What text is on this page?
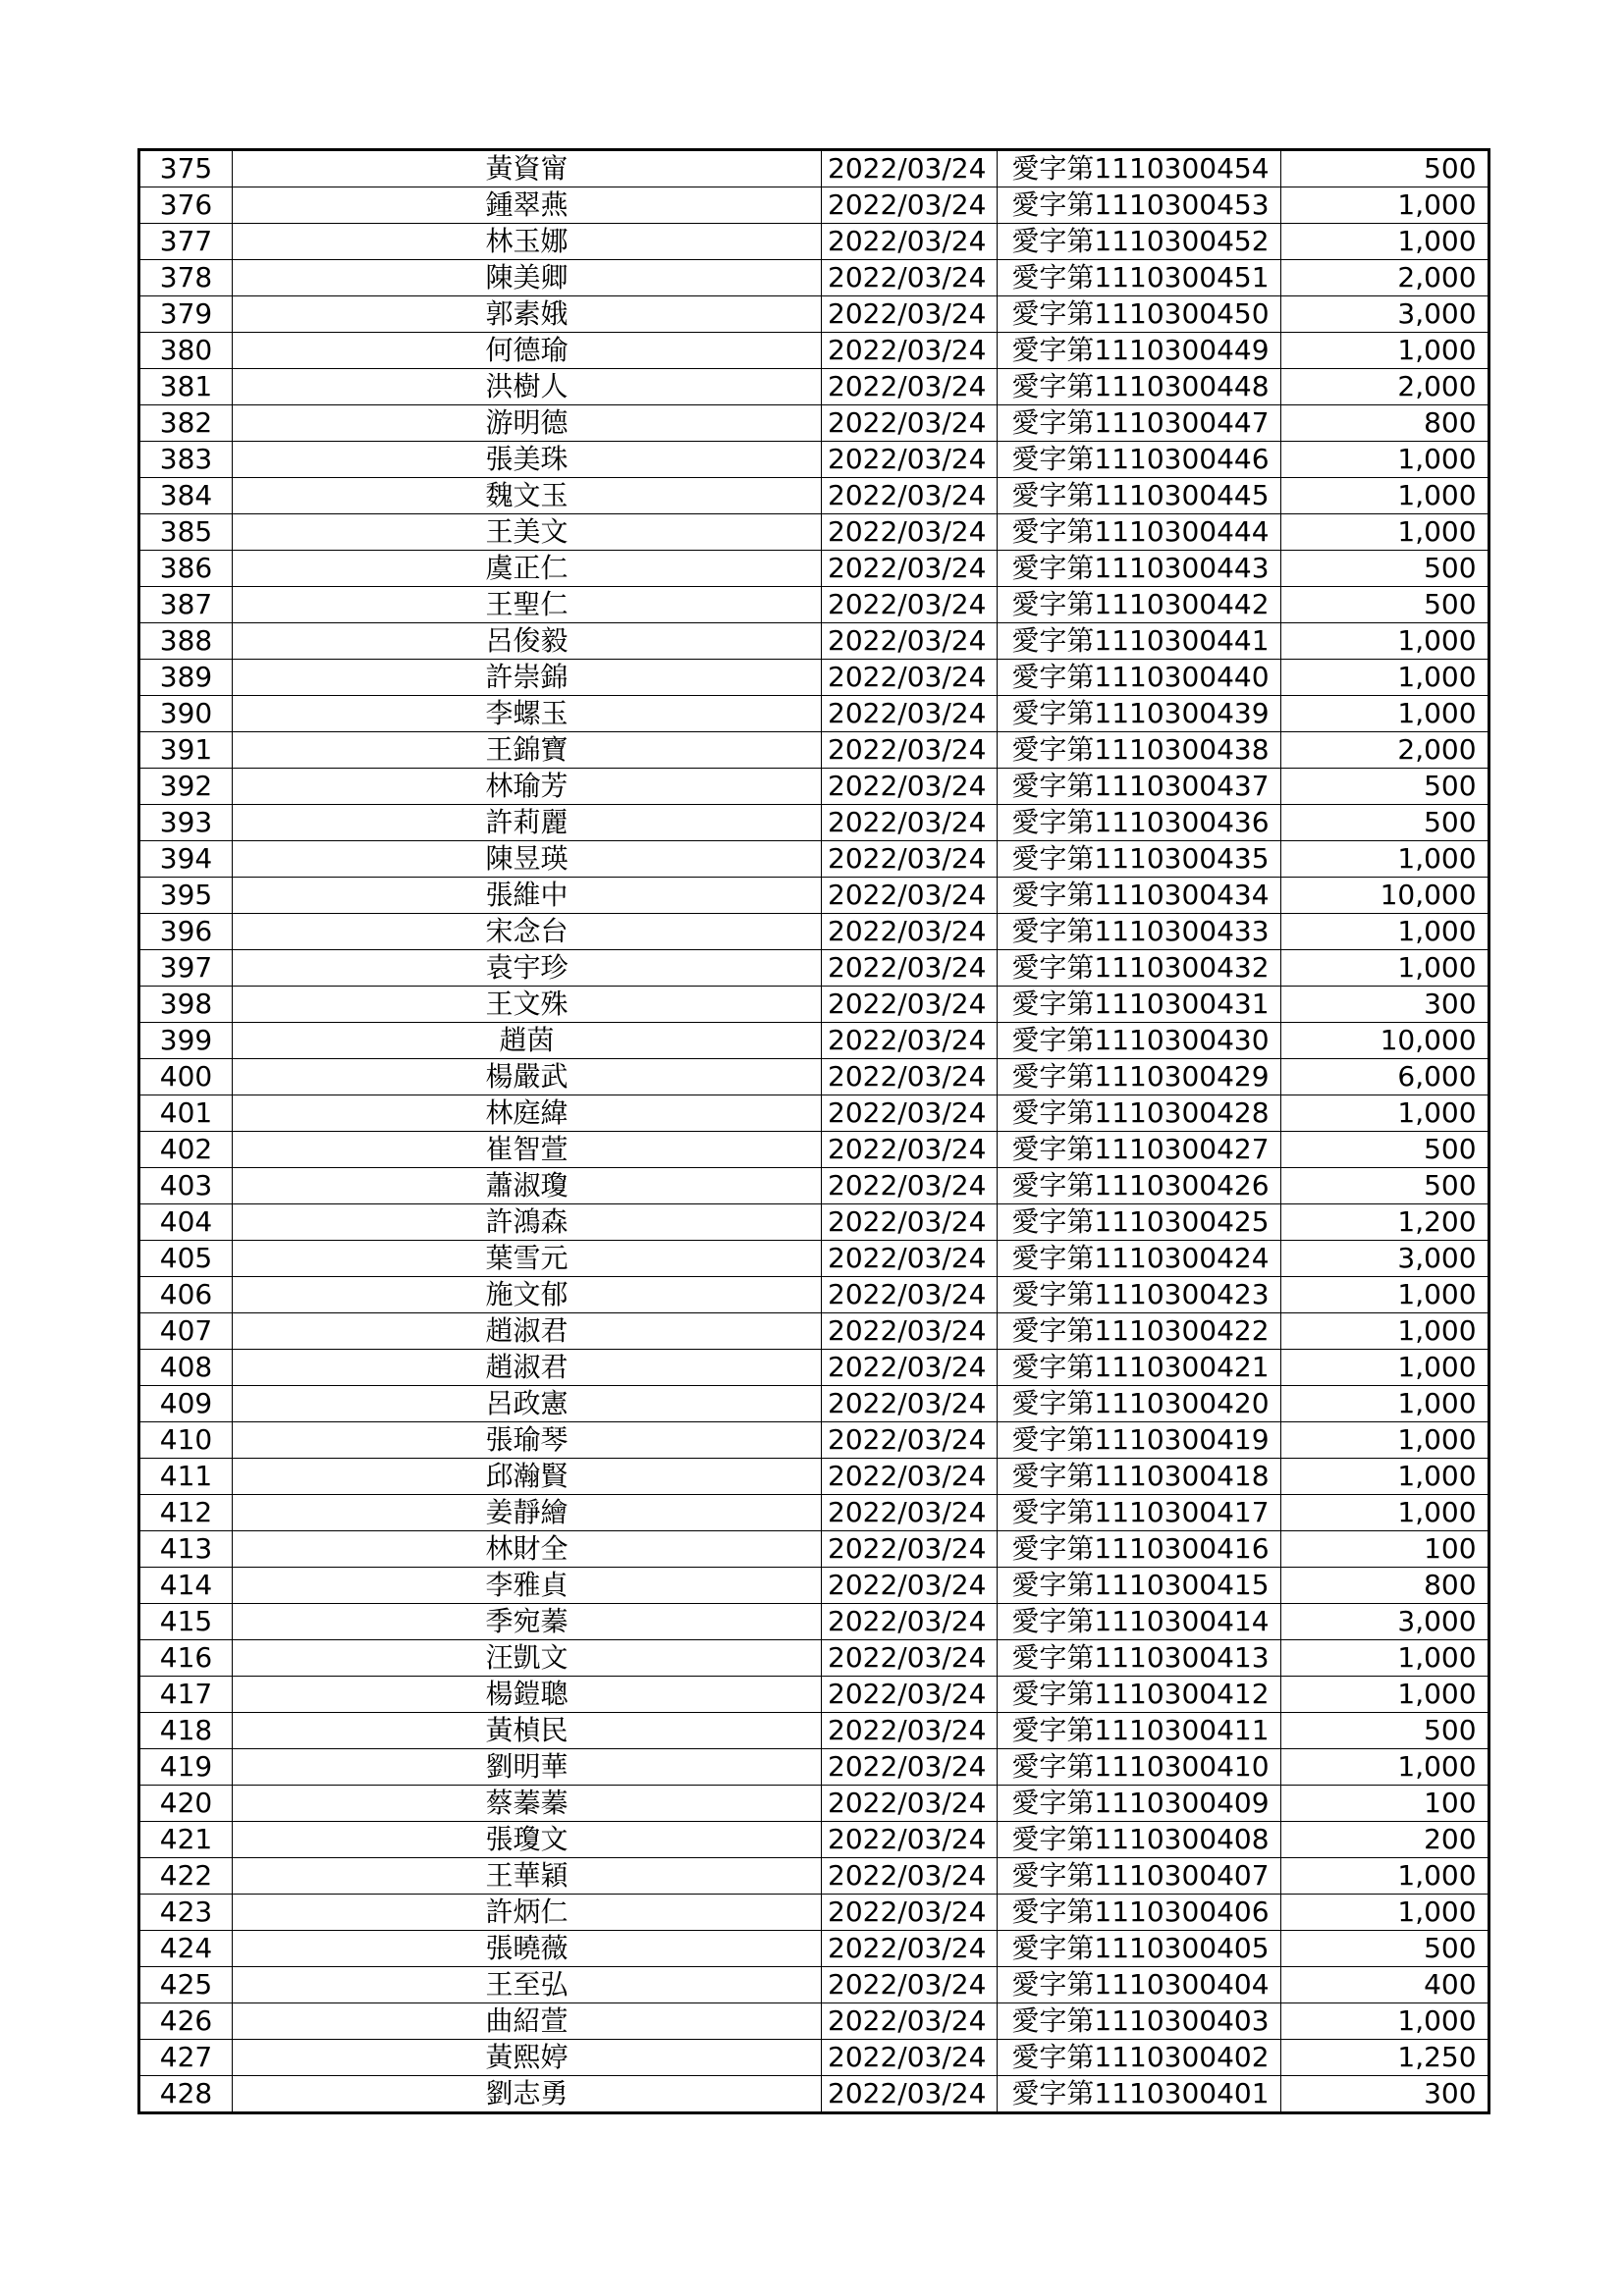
375	黃資甯	2022/03/24	愛字第1110300454	500
376	鍾翠燕	2022/03/24	愛字第1110300453	1,000
377	林玉娜	2022/03/24	愛字第1110300452	1,000
378	陳美卿	2022/03/24	愛字第1110300451	2,000
379	郭素娥	2022/03/24	愛字第1110300450	3,000
380	何德瑜	2022/03/24	愛字第1110300449	1,000
381	洪樹人	2022/03/24	愛字第1110300448	2,000
382	游明德	2022/03/24	愛字第1110300447	800
383	張美珠	2022/03/24	愛字第1110300446	1,000
384	魏文玉	2022/03/24	愛字第1110300445	1,000
385	王美文	2022/03/24	愛字第1110300444	1,000
386	虞正仁	2022/03/24	愛字第1110300443	500
387	王聖仁	2022/03/24	愛字第1110300442	500
388	呂俊毅	2022/03/24	愛字第1110300441	1,000
389	許崇錦	2022/03/24	愛字第1110300440	1,000
390	李螺玉	2022/03/24	愛字第1110300439	1,000
391	王錦寶	2022/03/24	愛字第1110300438	2,000
392	林瑜芳	2022/03/24	愛字第1110300437	500
393	許莉麗	2022/03/24	愛字第1110300436	500
394	陳昱瑛	2022/03/24	愛字第1110300435	1,000
395	張維中	2022/03/24	愛字第1110300434	10,000
396	宋念台	2022/03/24	愛字第1110300433	1,000
397	袁宇珍	2022/03/24	愛字第1110300432	1,000
398	王文殊	2022/03/24	愛字第1110300431	300
399	趙茵	2022/03/24	愛字第1110300430	10,000
400	楊嚴武	2022/03/24	愛字第1110300429	6,000
401	林庭緯	2022/03/24	愛字第1110300428	1,000
402	崔智萱	2022/03/24	愛字第1110300427	500
403	蕭淑瓊	2022/03/24	愛字第1110300426	500
404	許鴻森	2022/03/24	愛字第1110300425	1,200
405	葉雪元	2022/03/24	愛字第1110300424	3,000
406	施文郁	2022/03/24	愛字第1110300423	1,000
407	趙淑君	2022/03/24	愛字第1110300422	1,000
408	趙淑君	2022/03/24	愛字第1110300421	1,000
409	呂政憲	2022/03/24	愛字第1110300420	1,000
410	張瑜琴	2022/03/24	愛字第1110300419	1,000
411	邱瀚賢	2022/03/24	愛字第1110300418	1,000
412	姜靜繪	2022/03/24	愛字第1110300417	1,000
413	林財全	2022/03/24	愛字第1110300416	100
414	李雅貞	2022/03/24	愛字第1110300415	800
415	季宛蓁	2022/03/24	愛字第1110300414	3,000
416	汪凱文	2022/03/24	愛字第1110300413	1,000
417	楊鎧聰	2022/03/24	愛字第1110300412	1,000
418	黃楨民	2022/03/24	愛字第1110300411	500
419	劉明華	2022/03/24	愛字第1110300410	1,000
420	蔡蓁蓁	2022/03/24	愛字第1110300409	100
421	張瓊文	2022/03/24	愛字第1110300408	200
422	王華穎	2022/03/24	愛字第1110300407	1,000
423	許炳仁	2022/03/24	愛字第1110300406	1,000
424	張曉薇	2022/03/24	愛字第1110300405	500
425	王至弘	2022/03/24	愛字第1110300404	400
426	曲紹萱	2022/03/24	愛字第1110300403	1,000
427	黃熙婷	2022/03/24	愛字第1110300402	1,250
428	劉志勇	2022/03/24	愛字第1110300401	300
